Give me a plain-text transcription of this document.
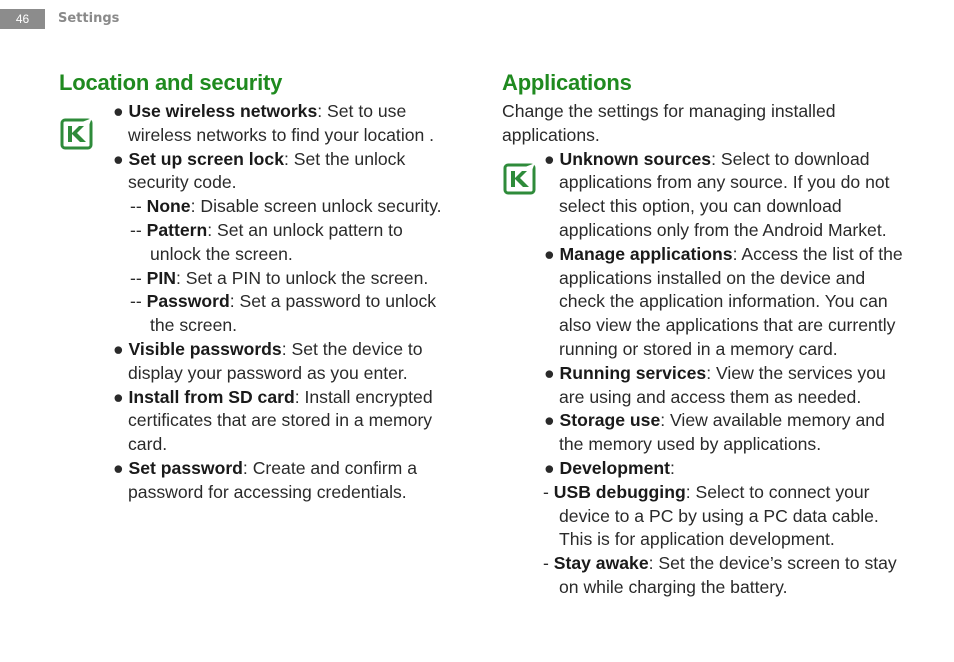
46	Settings
Location and security

● Use wireless networks: Set to use wireless networks to find your location .

● Set up screen lock: Set the unlock security code.

-- None: Disable screen unlock security.

-- Pattern: Set an unlock pattern to unlock the screen.

-- PIN: Set a PIN to unlock the screen.

-- Password: Set a password to unlock the screen.

● Visible passwords: Set the device to display your password as you enter.

● Install from SD card: Install encrypted certificates that are stored in a memory card.

● Set password: Create and confirm a password for accessing credentials.

Applications

Change the settings for managing installed applications.

● Unknown sources: Select to download applications from any source. If you do not select this option, you can download applications only from the Android Market.

● Manage applications: Access the list of the applications installed on the device and check the application information. You can also view the applications that are currently running or stored in a memory card.

● Running services: View the services you are using and access them as needed.

● Storage use: View available memory and the memory used by applications.

● Development:

- USB debugging: Select to connect your device to a PC by using a PC data cable. This is for application development.

- Stay awake: Set the device’s screen to stay on while charging the battery.
